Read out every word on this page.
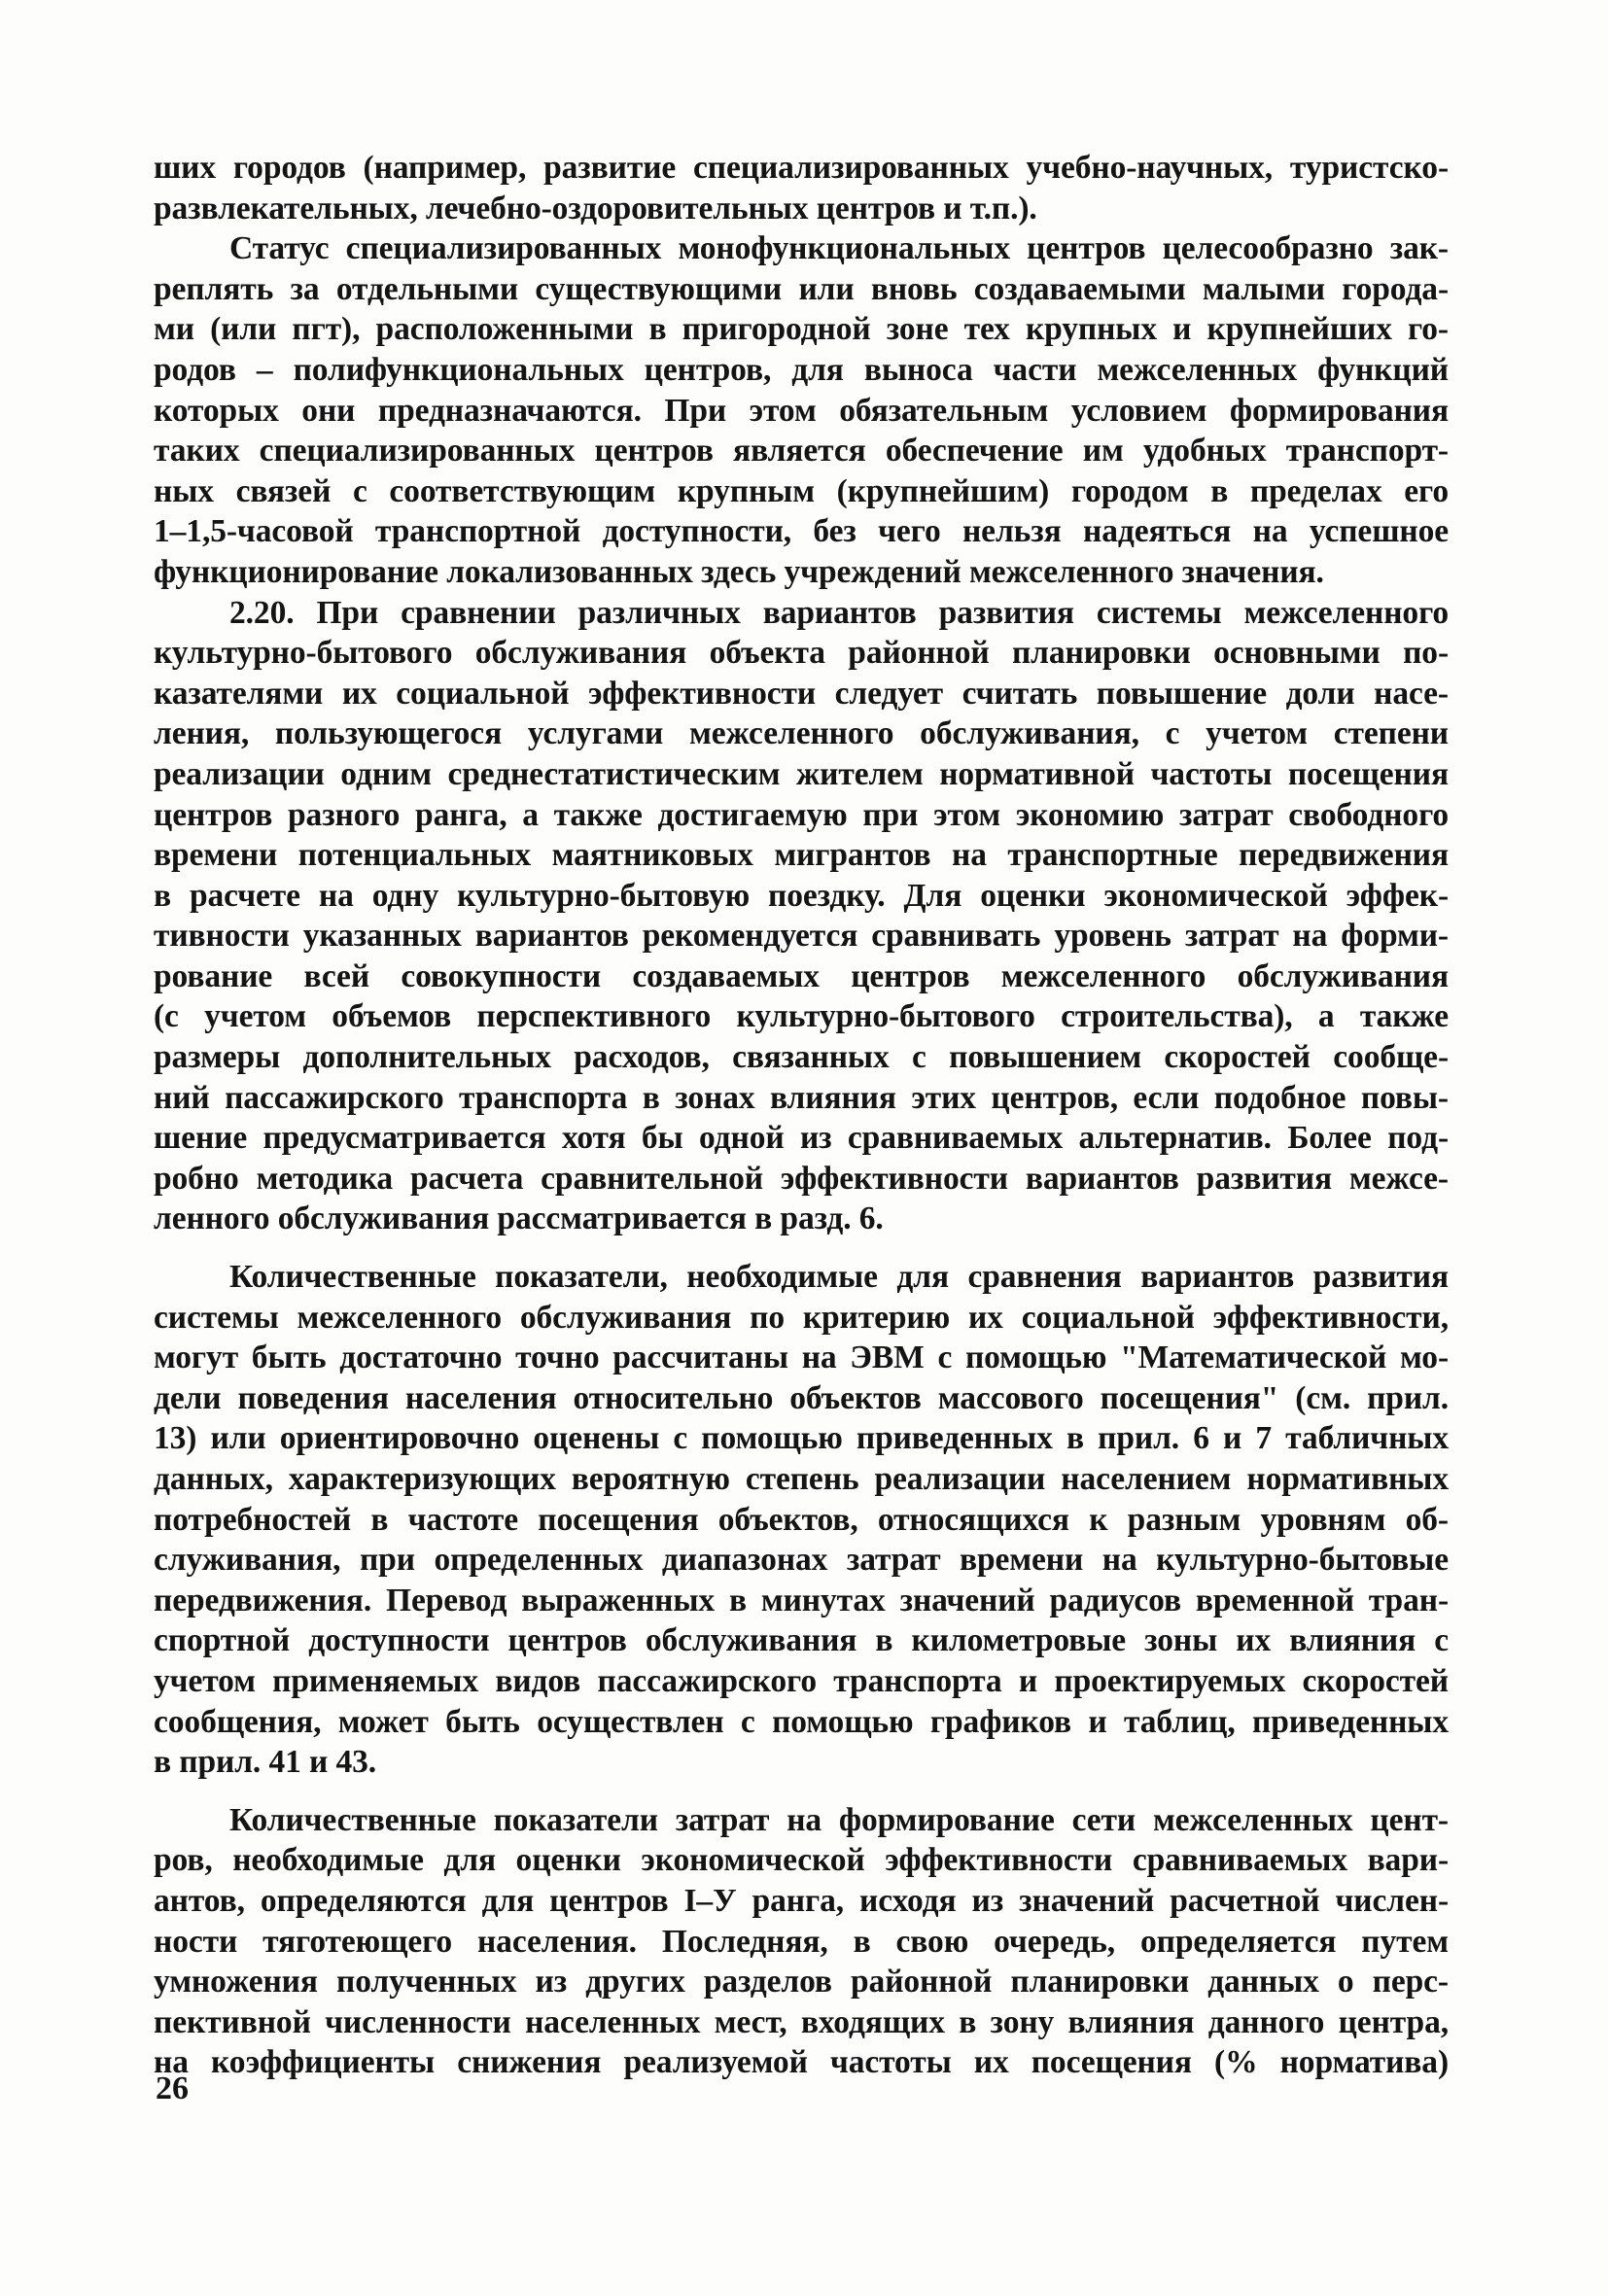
ших городов (например, развитие специализированных учебно-научных, туристско-
развлекательных, лечебно-оздоровительных центров и т.п.).
Статус специализированных монофункциональных центров целесообразно зак-
реплять за отдельными существующими или вновь создаваемыми малыми города-
ми (или пгт), расположенными в пригородной зоне тех крупных и крупнейших го-
родов – полифункциональных центров, для выноса части межселенных функций
которых они предназначаются. При этом обязательным условием формирования
таких специализированных центров является обеспечение им удобных транспорт-
ных связей с соответствующим крупным (крупнейшим) городом в пределах его
1–1,5-часовой транспортной доступности, без чего нельзя надеяться на успешное
функционирование локализованных здесь учреждений межселенного значения.
2.20. При сравнении различных вариантов развития системы межселенного
культурно-бытового обслуживания объекта районной планировки основными по-
казателями их социальной эффективности следует считать повышение доли насе-
ления, пользующегося услугами межселенного обслуживания, с учетом степени
реализации одним среднестатистическим жителем нормативной частоты посещения
центров разного ранга, а также достигаемую при этом экономию затрат свободного
времени потенциальных маятниковых мигрантов на транспортные передвижения
в расчете на одну культурно-бытовую поездку. Для оценки экономической эффек-
тивности указанных вариантов рекомендуется сравнивать уровень затрат на форми-
рование всей совокупности создаваемых центров межселенного обслуживания
(с учетом объемов перспективного культурно-бытового строительства), а также
размеры дополнительных расходов, связанных с повышением скоростей сообще-
ний пассажирского транспорта в зонах влияния этих центров, если подобное повы-
шение предусматривается хотя бы одной из сравниваемых альтернатив. Более под-
робно методика расчета сравнительной эффективности вариантов развития межсе-
ленного обслуживания рассматривается в разд. 6.
Количественные показатели, необходимые для сравнения вариантов развития
системы межселенного обслуживания по критерию их социальной эффективности,
могут быть достаточно точно рассчитаны на ЭВМ с помощью "Математической мо-
дели поведения населения относительно объектов массового посещения" (см. прил.
13) или ориентировочно оценены с помощью приведенных в прил. 6 и 7 табличных
данных, характеризующих вероятную степень реализации населением нормативных
потребностей в частоте посещения объектов, относящихся к разным уровням об-
служивания, при определенных диапазонах затрат времени на культурно-бытовые
передвижения. Перевод выраженных в минутах значений радиусов временной тран-
спортной доступности центров обслуживания в километровые зоны их влияния с
учетом применяемых видов пассажирского транспорта и проектируемых скоростей
сообщения, может быть осуществлен с помощью графиков и таблиц, приведенных
в прил. 41 и 43.
Количественные показатели затрат на формирование сети межселенных цент-
ров, необходимые для оценки экономической эффективности сравниваемых вари-
антов, определяются для центров I–У ранга, исходя из значений расчетной числен-
ности тяготеющего населения. Последняя, в свою очередь, определяется путем
умножения полученных из других разделов районной планировки данных о перс-
пективной численности населенных мест, входящих в зону влияния данного центра,
на коэффициенты снижения реализуемой частоты их посещения (% норматива)
26
